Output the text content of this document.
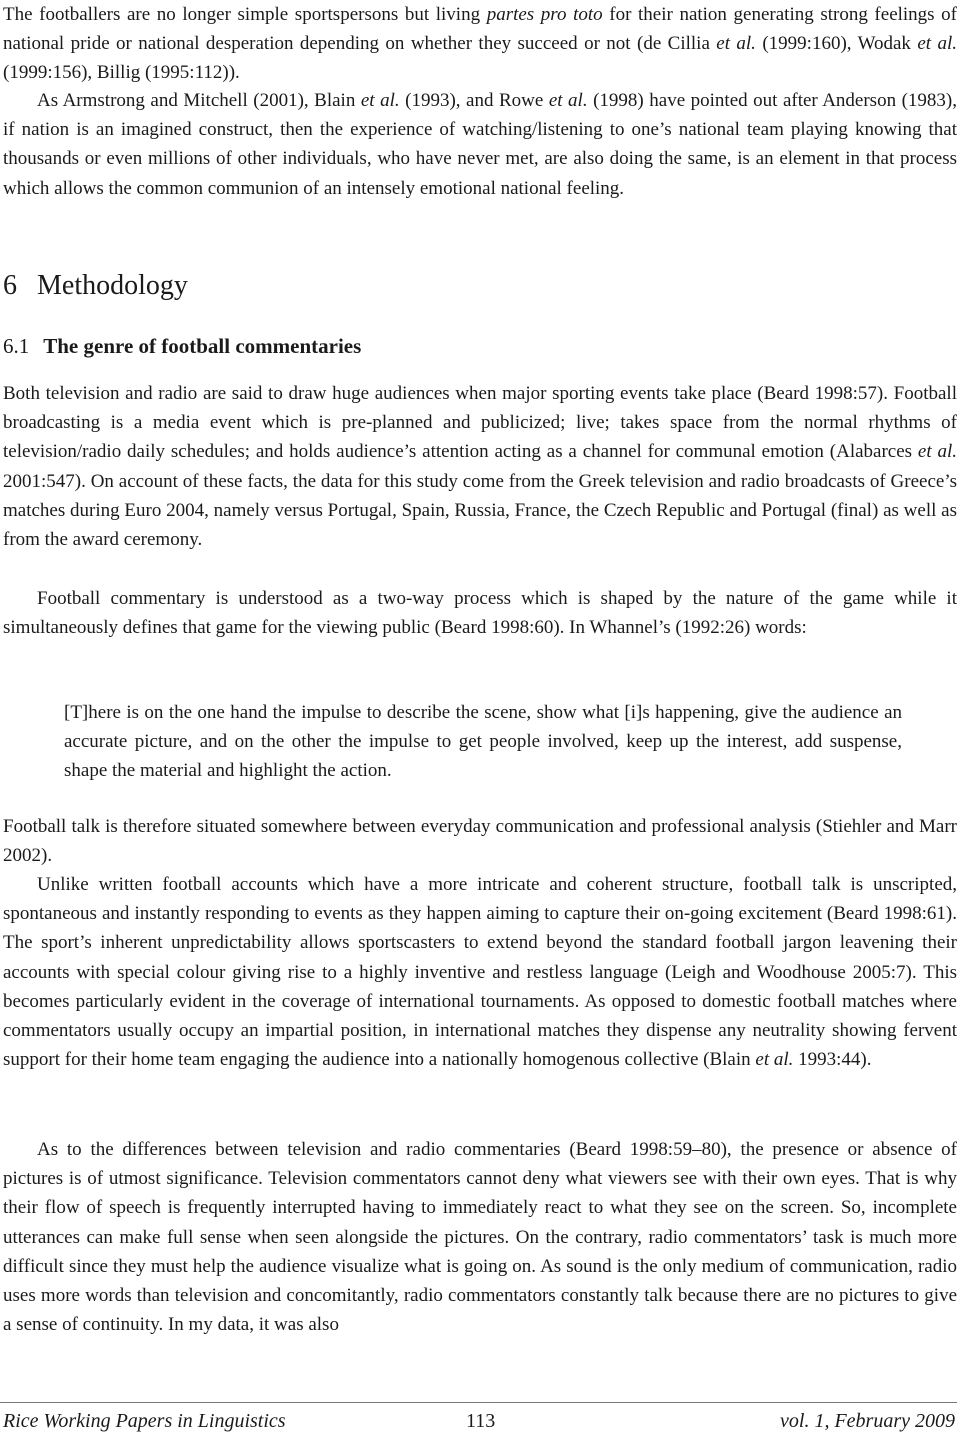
The footballers are no longer simple sportspersons but living partes pro toto for their nation generating strong feelings of national pride or national desperation depending on whether they succeed or not (de Cillia et al. (1999:160), Wodak et al. (1999:156), Billig (1995:112)).

As Armstrong and Mitchell (2001), Blain et al. (1993), and Rowe et al. (1998) have pointed out after Anderson (1983), if nation is an imagined construct, then the experience of watching/listening to one’s national team playing knowing that thousands or even millions of other individuals, who have never met, are also doing the same, is an element in that process which allows the common communion of an intensely emotional national feeling.

6 Methodology
6.1 The genre of football commentaries

Both television and radio are said to draw huge audiences when major sporting events take place (Beard 1998:57). Football broadcasting is a media event which is pre-planned and publicized; live; takes space from the normal rhythms of television/radio daily schedules; and holds audience’s attention acting as a channel for communal emotion (Alabarces et al. 2001:547). On account of these facts, the data for this study come from the Greek television and radio broadcasts of Greece’s matches during Euro 2004, namely versus Portugal, Spain, Russia, France, the Czech Republic and Portugal (final) as well as from the award ceremony.

Football commentary is understood as a two-way process which is shaped by the nature of the game while it simultaneously defines that game for the viewing public (Beard 1998:60). In Whannel’s (1992:26) words:

[T]here is on the one hand the impulse to describe the scene, show what [i]s happening, give the audience an accurate picture, and on the other the impulse to get people involved, keep up the interest, add suspense, shape the material and highlight the action.

Football talk is therefore situated somewhere between everyday communication and professional analysis (Stiehler and Marr 2002).

Unlike written football accounts which have a more intricate and coherent structure, football talk is unscripted, spontaneous and instantly responding to events as they happen aiming to capture their on-going excitement (Beard 1998:61). The sport’s inherent unpredictability allows sportscasters to extend beyond the standard football jargon leavening their accounts with special colour giving rise to a highly inventive and restless language (Leigh and Woodhouse 2005:7). This becomes particularly evident in the coverage of international tournaments. As opposed to domestic football matches where commentators usually occupy an impartial position, in international matches they dispense any neutrality showing fervent support for their home team engaging the audience into a nationally homogenous collective (Blain et al. 1993:44).

As to the differences between television and radio commentaries (Beard 1998:59–80), the presence or absence of pictures is of utmost significance. Television commentators cannot deny what viewers see with their own eyes. That is why their flow of speech is frequently interrupted having to immediately react to what they see on the screen. So, incomplete utterances can make full sense when seen alongside the pictures. On the contrary, radio commentators’ task is much more difficult since they must help the audience visualize what is going on. As sound is the only medium of communication, radio uses more words than television and concomitantly, radio commentators constantly talk because there are no pictures to give a sense of continuity. In my data, it was also

Rice Working Papers in Linguistics	113	vol. 1, February 2009
